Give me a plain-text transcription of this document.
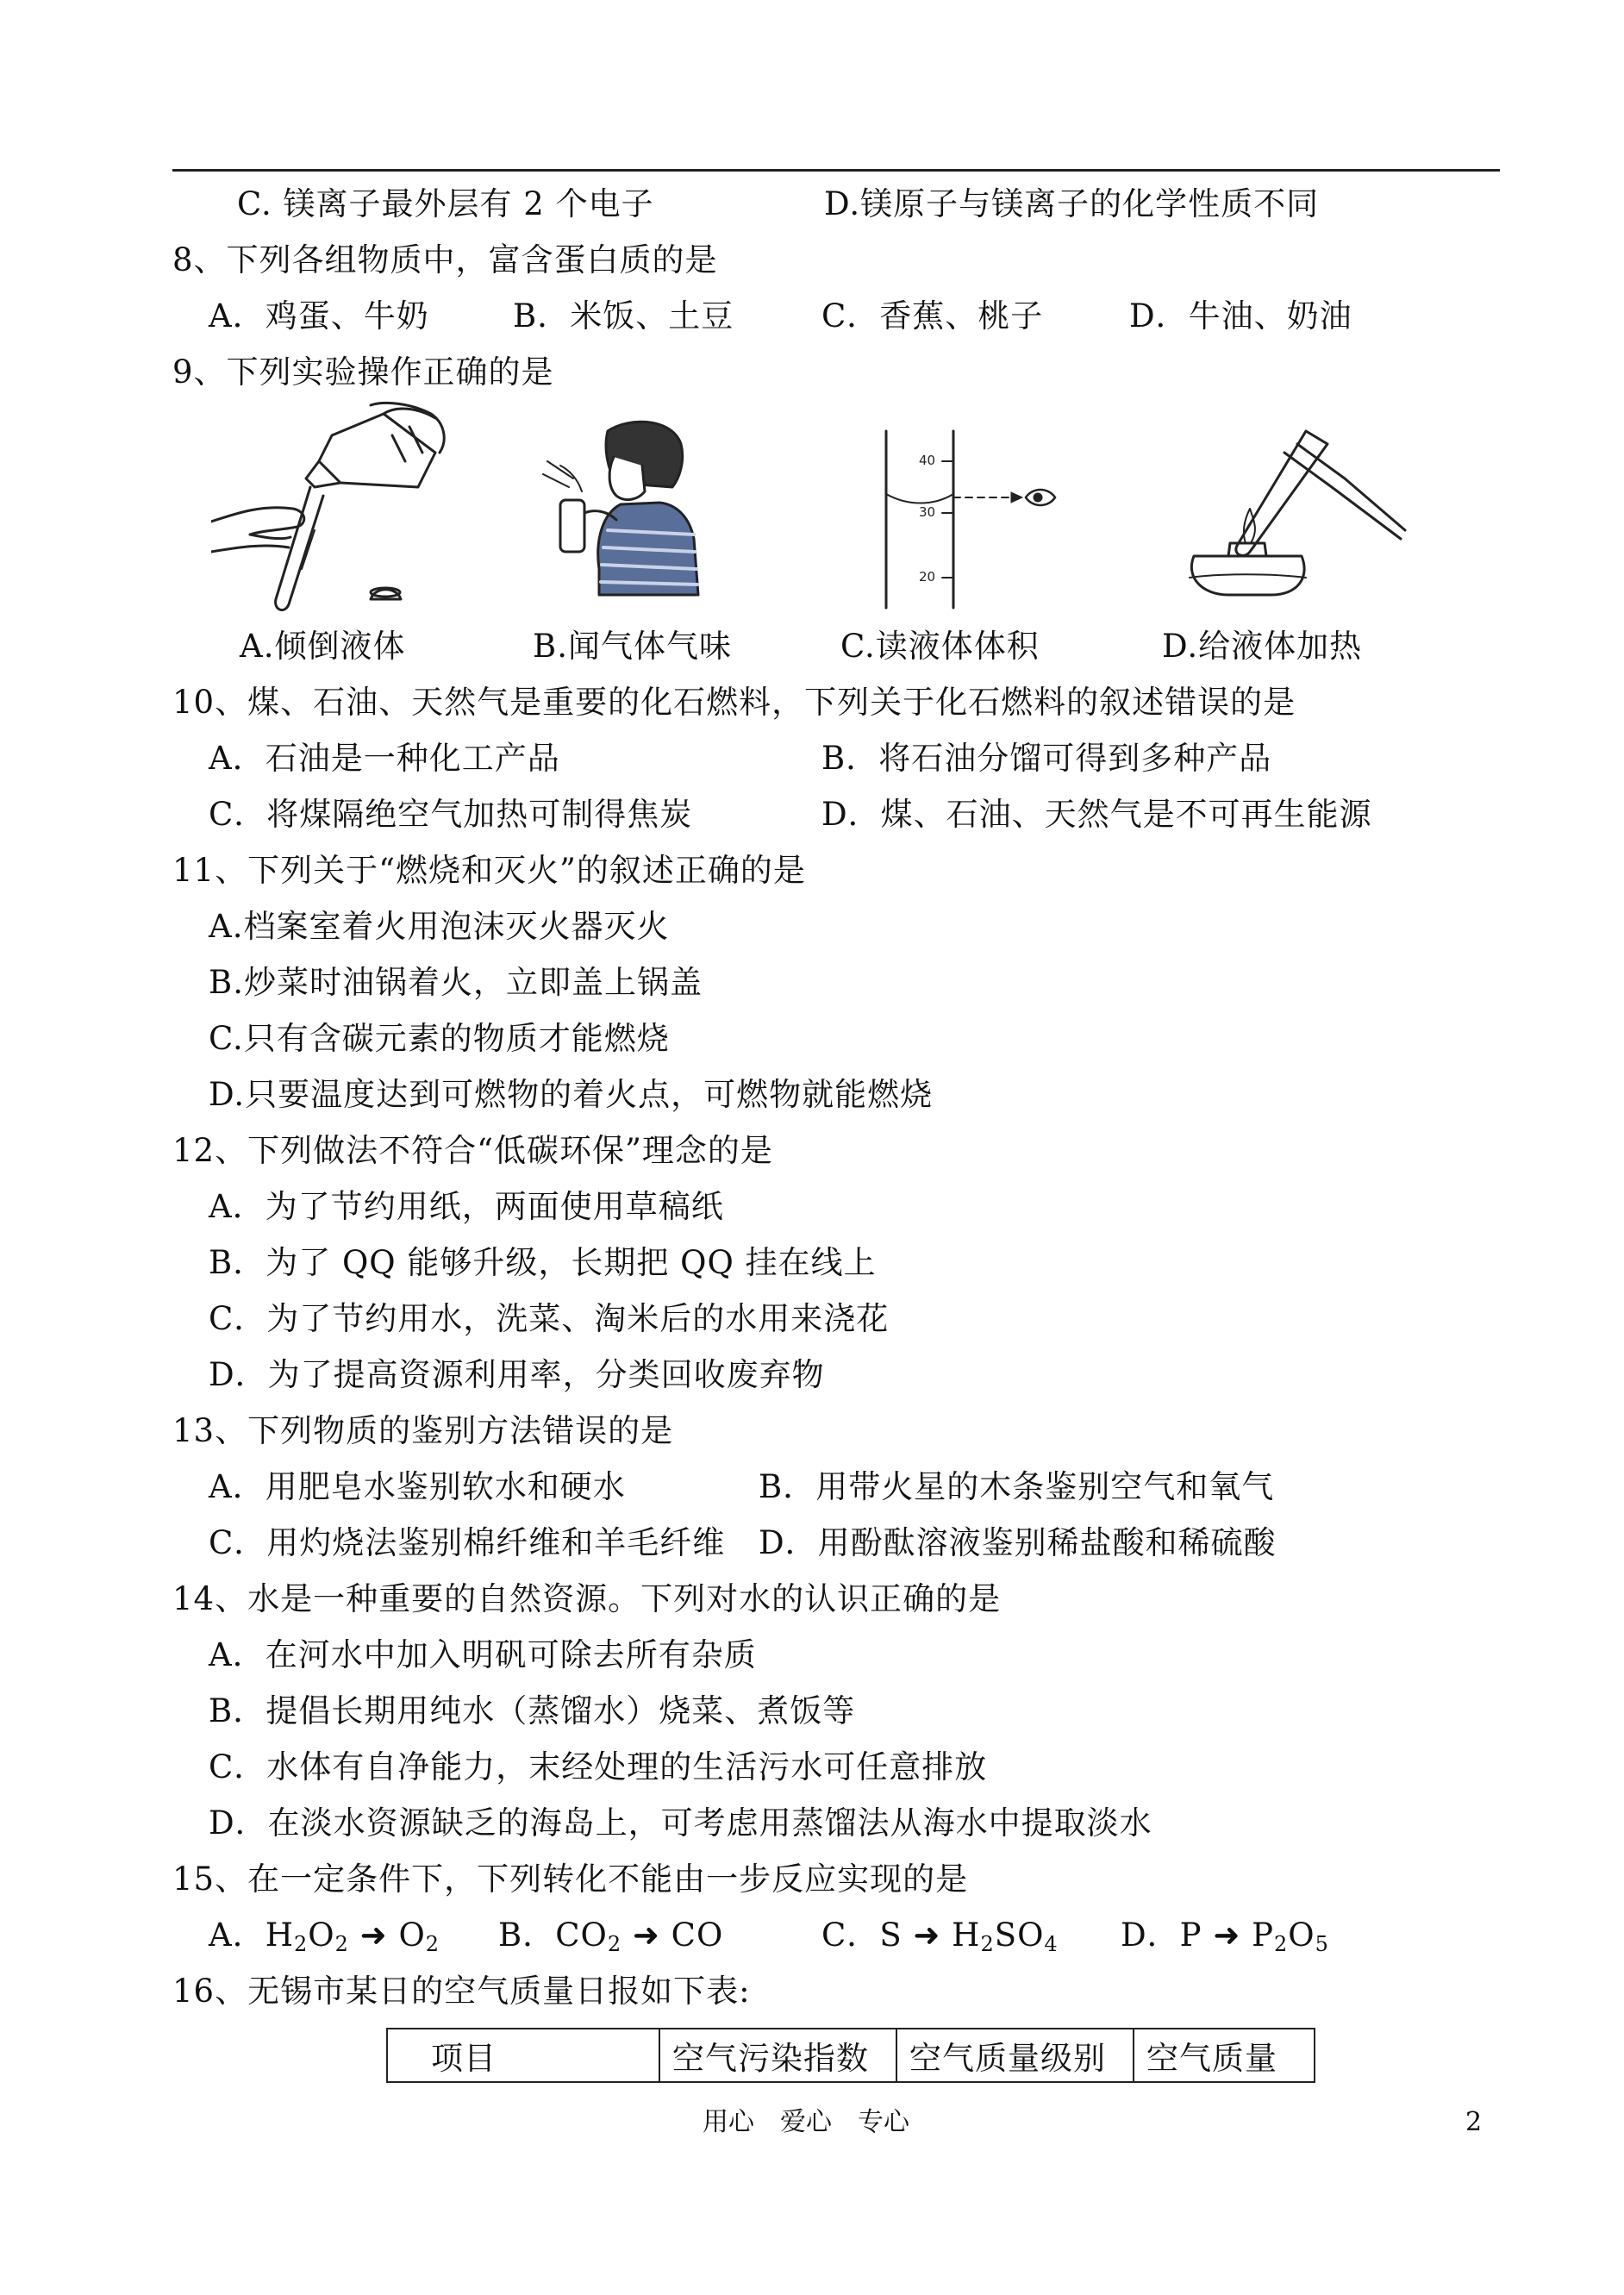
C. 镁离子最外层有 2 个电子	D.镁原子与镁离子的化学性质不同
8、下列各组物质中，富含蛋白质的是
A．鸡蛋、牛奶	B．米饭、土豆	C．香蕉、桃子	D．牛油、奶油
9、下列实验操作正确的是
40
30
20
A.倾倒液体	B.闻气体气味	C.读液体体积	D.给液体加热
10、煤、石油、天然气是重要的化石燃料，下列关于化石燃料的叙述错误的是
A．石油是一种化工产品	B．将石油分馏可得到多种产品
C．将煤隔绝空气加热可制得焦炭	D．煤、石油、天然气是不可再生能源
11、下列关于“燃烧和灭火”的叙述正确的是
A.档案室着火用泡沫灭火器灭火
B.炒菜时油锅着火，立即盖上锅盖
C.只有含碳元素的物质才能燃烧
D.只要温度达到可燃物的着火点，可燃物就能燃烧
12、下列做法不符合“低碳环保”理念的是
A．为了节约用纸，两面使用草稿纸
B．为了 QQ 能够升级，长期把 QQ 挂在线上
C．为了节约用水，洗菜、淘米后的水用来浇花
D．为了提高资源利用率，分类回收废弃物
13、下列物质的鉴别方法错误的是
A．用肥皂水鉴别软水和硬水	B．用带火星的木条鉴别空气和氧气
C．用灼烧法鉴别棉纤维和羊毛纤维 D．用酚酞溶液鉴别稀盐酸和稀硫酸
14、水是一种重要的自然资源。下列对水的认识正确的是
A．在河水中加入明矾可除去所有杂质
B．提倡长期用纯水（蒸馏水）烧菜、煮饭等
C．水体有自净能力，末经处理的生活污水可任意排放
D．在淡水资源缺乏的海岛上，可考虑用蒸馏法从海水中提取淡水
15、在一定条件下，下列转化不能由一步反应实现的是
A．$H_2O_2$ ➜ $O_2$ B．$CO_2$ ➜ CO	C．S ➜ $H_2SO_4$ D．P ➜ $P_2O_5$
16、无锡市某日的空气质量日报如下表:
项目	空气污染指数	空气质量级别	空气质量
用心　爱心　专心	2
